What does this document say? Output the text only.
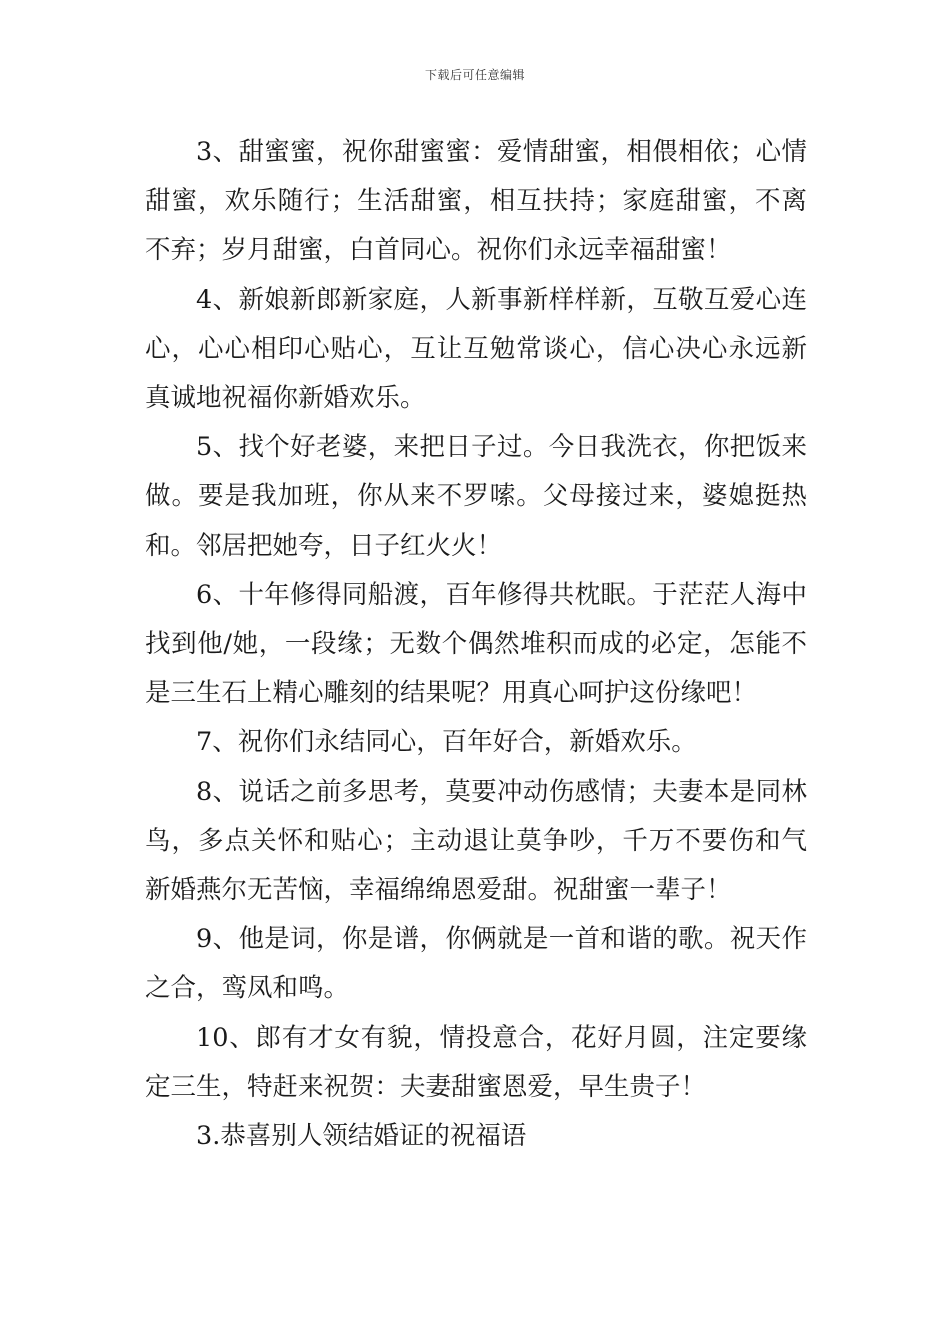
下载后可任意编辑

3、甜蜜蜜，祝你甜蜜蜜：爱情甜蜜，相偎相依；心情甜蜜，欢乐随行；生活甜蜜，相互扶持；家庭甜蜜，不离不弃；岁月甜蜜，白首同心。祝你们永远幸福甜蜜！

4、新娘新郎新家庭，人新事新样样新，互敬互爱心连心，心心相印心贴心，互让互勉常谈心，信心决心永远新真诚地祝福你新婚欢乐。

5、找个好老婆，来把日子过。今日我洗衣，你把饭来做。要是我加班，你从来不罗嗦。父母接过来，婆媳挺热和。邻居把她夸，日子红火火！

6、十年修得同船渡，百年修得共枕眠。于茫茫人海中找到他/她，一段缘；无数个偶然堆积而成的必定，怎能不是三生石上精心雕刻的结果呢？用真心呵护这份缘吧！

7、祝你们永结同心，百年好合，新婚欢乐。

8、说话之前多思考，莫要冲动伤感情；夫妻本是同林鸟，多点关怀和贴心；主动退让莫争吵，千万不要伤和气新婚燕尔无苦恼，幸福绵绵恩爱甜。祝甜蜜一辈子！

9、他是词，你是谱，你俩就是一首和谐的歌。祝天作之合，鸾凤和鸣。

10、郎有才女有貌，情投意合，花好月圆，注定要缘定三生，特赶来祝贺：夫妻甜蜜恩爱，早生贵子！

3.恭喜别人领结婚证的祝福语
